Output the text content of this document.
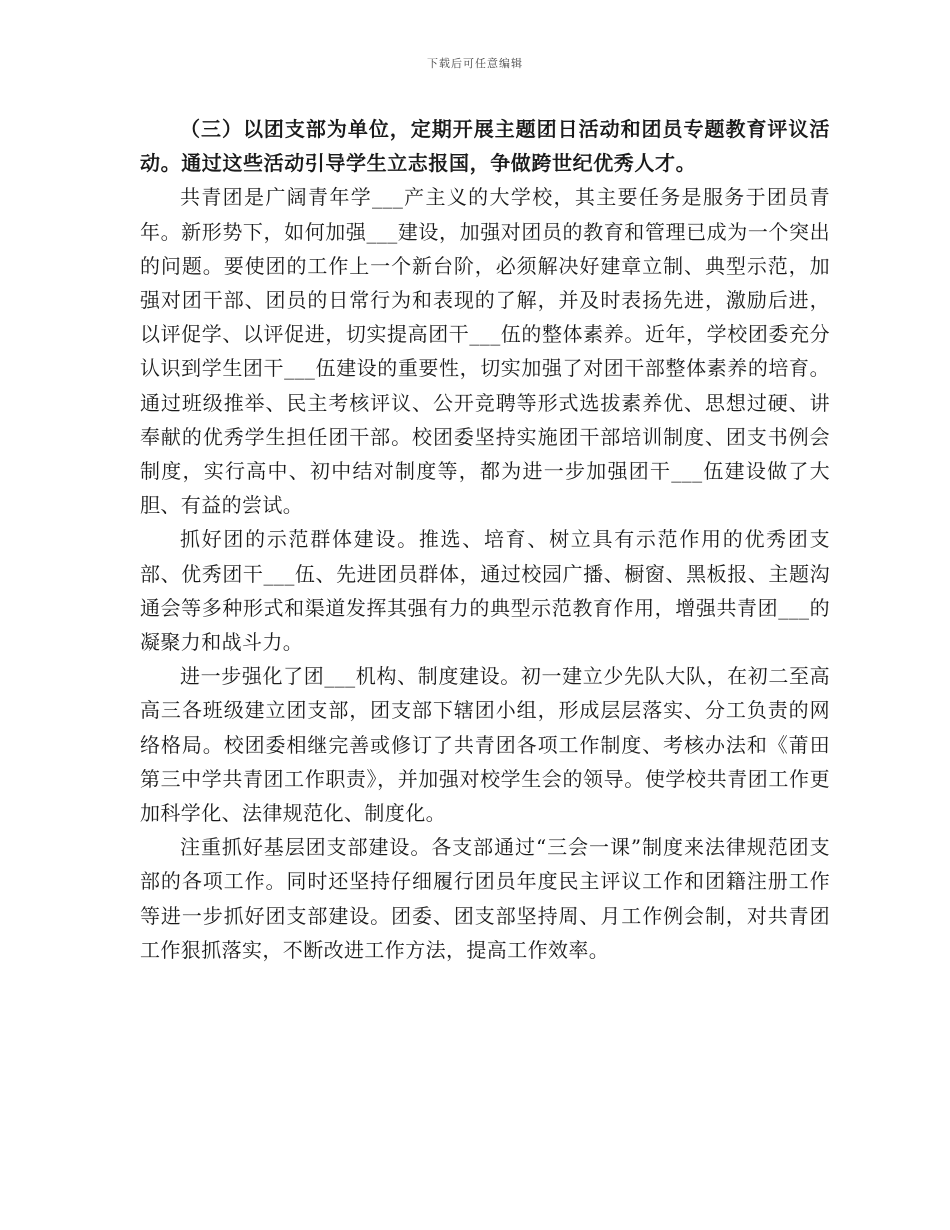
下载后可任意编辑

（三）以团支部为单位，定期开展主题团日活动和团员专题教育评议活动。通过这些活动引导学生立志报国，争做跨世纪优秀人才。

共青团是广阔青年学___产主义的大学校，其主要任务是服务于团员青年。新形势下，如何加强___建设，加强对团员的教育和管理已成为一个突出的问题。要使团的工作上一个新台阶，必须解决好建章立制、典型示范，加强对团干部、团员的日常行为和表现的了解，并及时表扬先进，激励后进，以评促学、以评促进，切实提高团干___伍的整体素养。近年，学校团委充分认识到学生团干___伍建设的重要性，切实加强了对团干部整体素养的培育。通过班级推举、民主考核评议、公开竞聘等形式选拔素养优、思想过硬、讲奉献的优秀学生担任团干部。校团委坚持实施团干部培训制度、团支书例会制度，实行高中、初中结对制度等，都为进一步加强团干___伍建设做了大胆、有益的尝试。

抓好团的示范群体建设。推选、培育、树立具有示范作用的优秀团支部、优秀团干___伍、先进团员群体，通过校园广播、橱窗、黑板报、主题沟通会等多种形式和渠道发挥其强有力的典型示范教育作用，增强共青团___的凝聚力和战斗力。

进一步强化了团___机构、制度建设。初一建立少先队大队，在初二至高高三各班级建立团支部，团支部下辖团小组，形成层层落实、分工负责的网络格局。校团委相继完善或修订了共青团各项工作制度、考核办法和《莆田第三中学共青团工作职责》，并加强对校学生会的领导。使学校共青团工作更加科学化、法律规范化、制度化。

注重抓好基层团支部建设。各支部通过“三会一课”制度来法律规范团支部的各项工作。同时还坚持仔细履行团员年度民主评议工作和团籍注册工作等进一步抓好团支部建设。团委、团支部坚持周、月工作例会制，对共青团工作狠抓落实，不断改进工作方法，提高工作效率。
